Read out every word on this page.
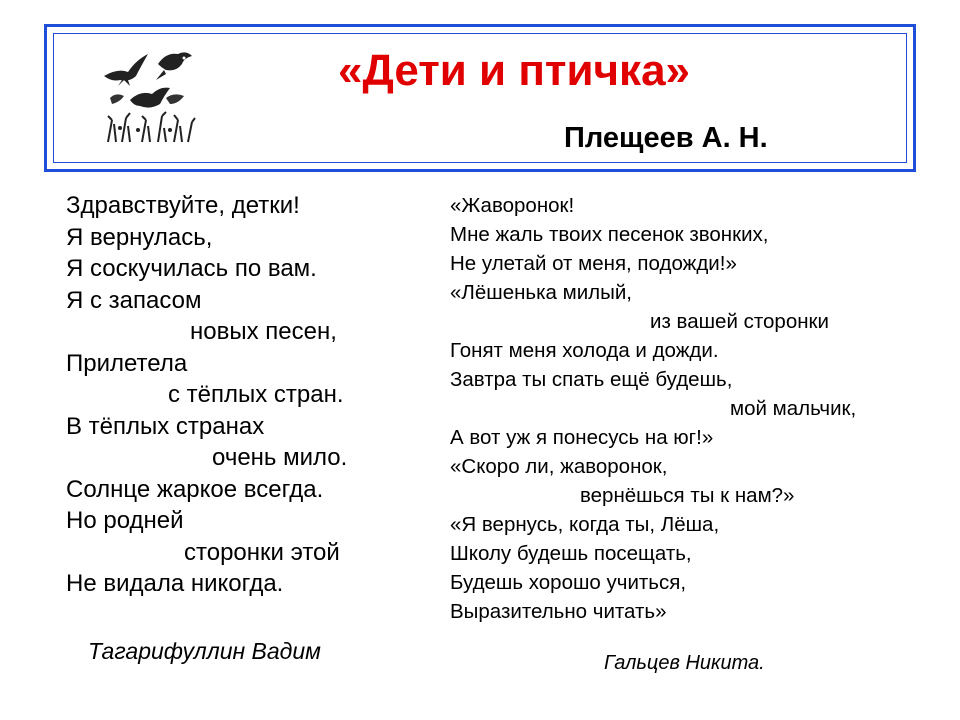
«Дети и птичка»
Плещеев А. Н.
Здравствуйте, детки!
Я вернулась,
Я соскучилась по вам.
Я с запасом
новых песен,
Прилетела
с тёплых стран.
В тёплых странах
очень мило.
Солнце жаркое всегда.
Но родней
сторонки этой
Не видала никогда.
Тагарифуллин Вадим
«Жаворонок!
Мне жаль твоих песенок звонких,
Не улетай от меня, подожди!»
«Лёшенька милый,
из вашей сторонки
Гонят меня холода и дожди.
Завтра ты спать ещё будешь,
мой мальчик,
А вот уж я понесусь на юг!»
«Скоро ли, жаворонок,
вернёшься ты к нам?»
«Я вернусь, когда ты, Лёша,
Школу будешь посещать,
Будешь хорошо учиться,
Выразительно читать»
Гальцев Никита.
